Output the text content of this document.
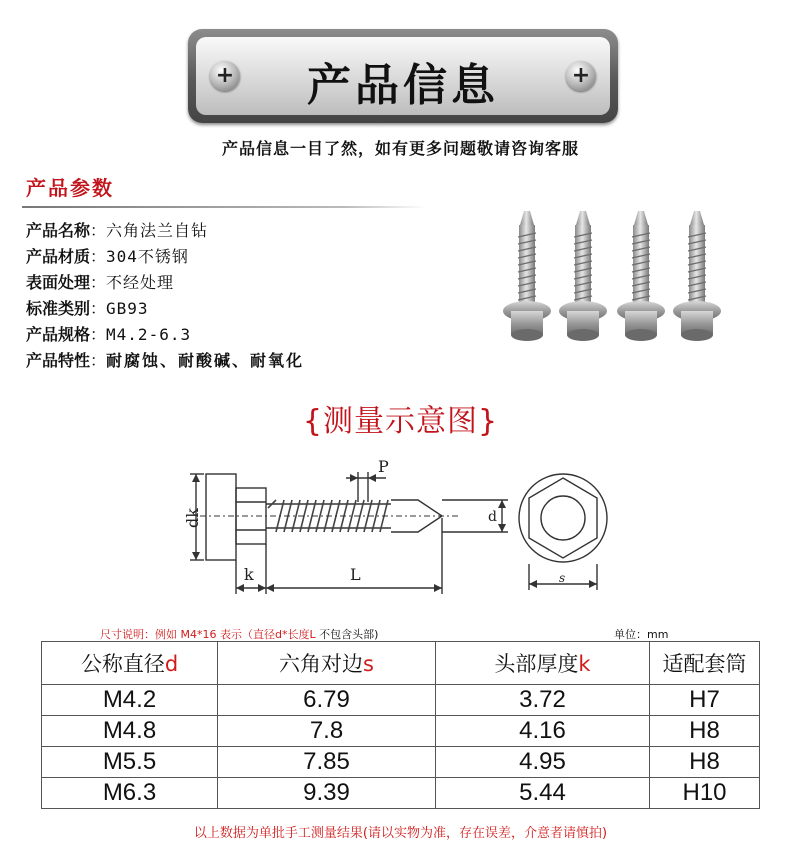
+	产品信息	+
产品信息一目了然，如有更多问题敬请咨询客服
产品参数
产品名称：六角法兰自钻
产品材质：304不锈钢
表面处理：不经处理
标准类别：GB93
产品规格：M4.2-6.3
产品特性：耐腐蚀、耐酸碱、耐氧化
{测量示意图}
P
dk
k	L
d
s
尺寸说明：例如 M4*16 表示（直径d*长度L 不包含头部)	单位：mm
公称直径d	六角对边s	头部厚度k	适配套筒
M4.2	6.79	3.72	H7
M4.8	7.8	4.16	H8
M5.5	7.85	4.95	H8
M6.3	9.39	5.44	H10
以上数据为单批手工测量结果(请以实物为准，存在误差，介意者请慎拍)
